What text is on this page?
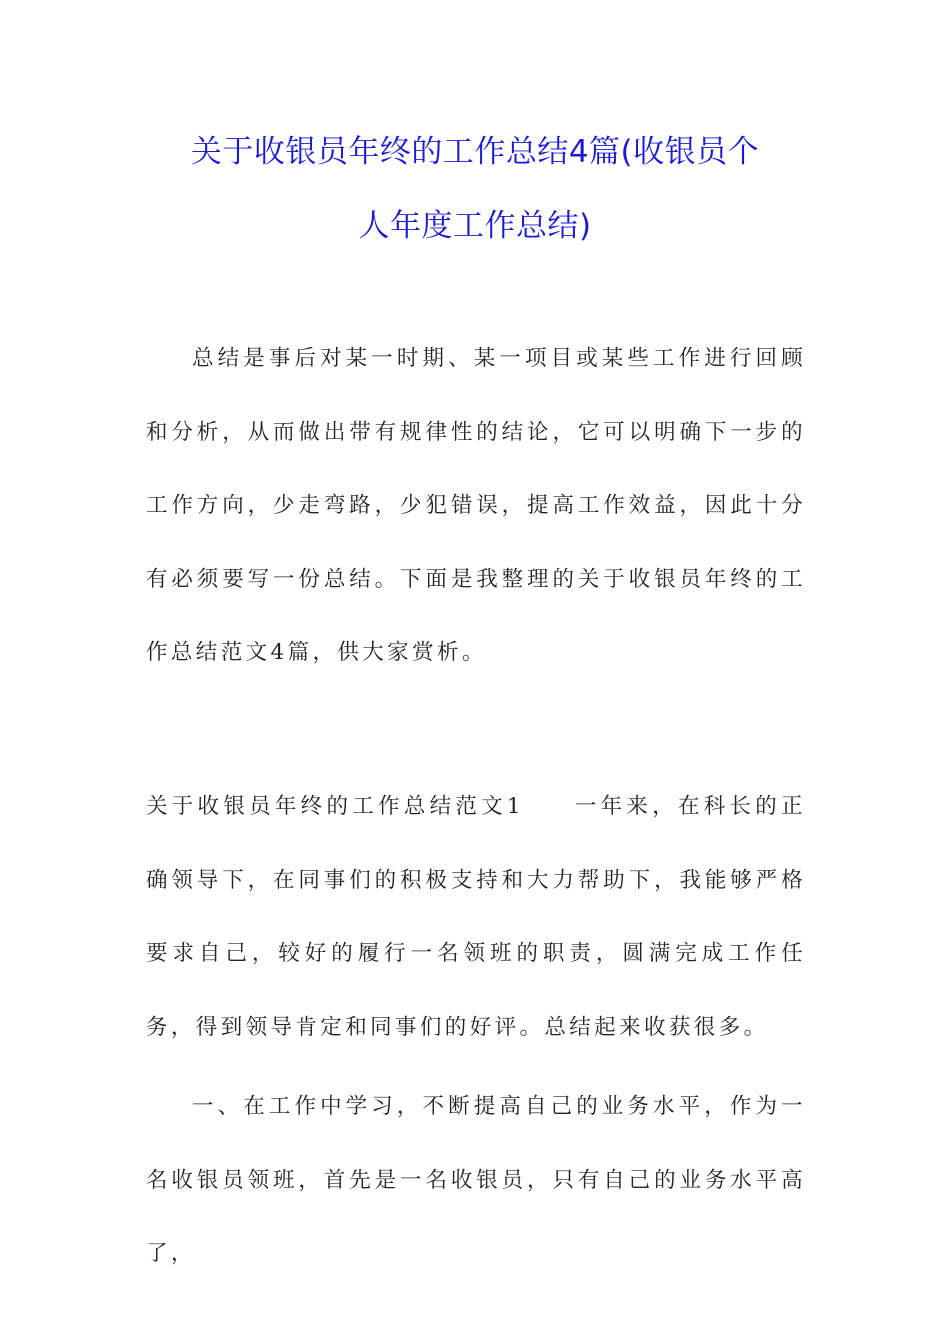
关于收银员年终的工作总结4篇(收银员个
人年度工作总结)

总结是事后对某一时期、某一项目或某些工作进行回顾和分析，从而做出带有规律性的结论，它可以明确下一步的工作方向，少走弯路，少犯错误，提高工作效益，因此十分有必须要写一份总结。下面是我整理的关于收银员年终的工作总结范文4篇，供大家赏析。

关于收银员年终的工作总结范文1 一年来，在科长的正确领导下，在同事们的积极支持和大力帮助下，我能够严格要求自己，较好的履行一名领班的职责，圆满完成工作任务，得到领导肯定和同事们的好评。总结起来收获很多。

一、在工作中学习，不断提高自己的业务水平，作为一名收银员领班，首先是一名收银员，只有自己的业务水平高了，
